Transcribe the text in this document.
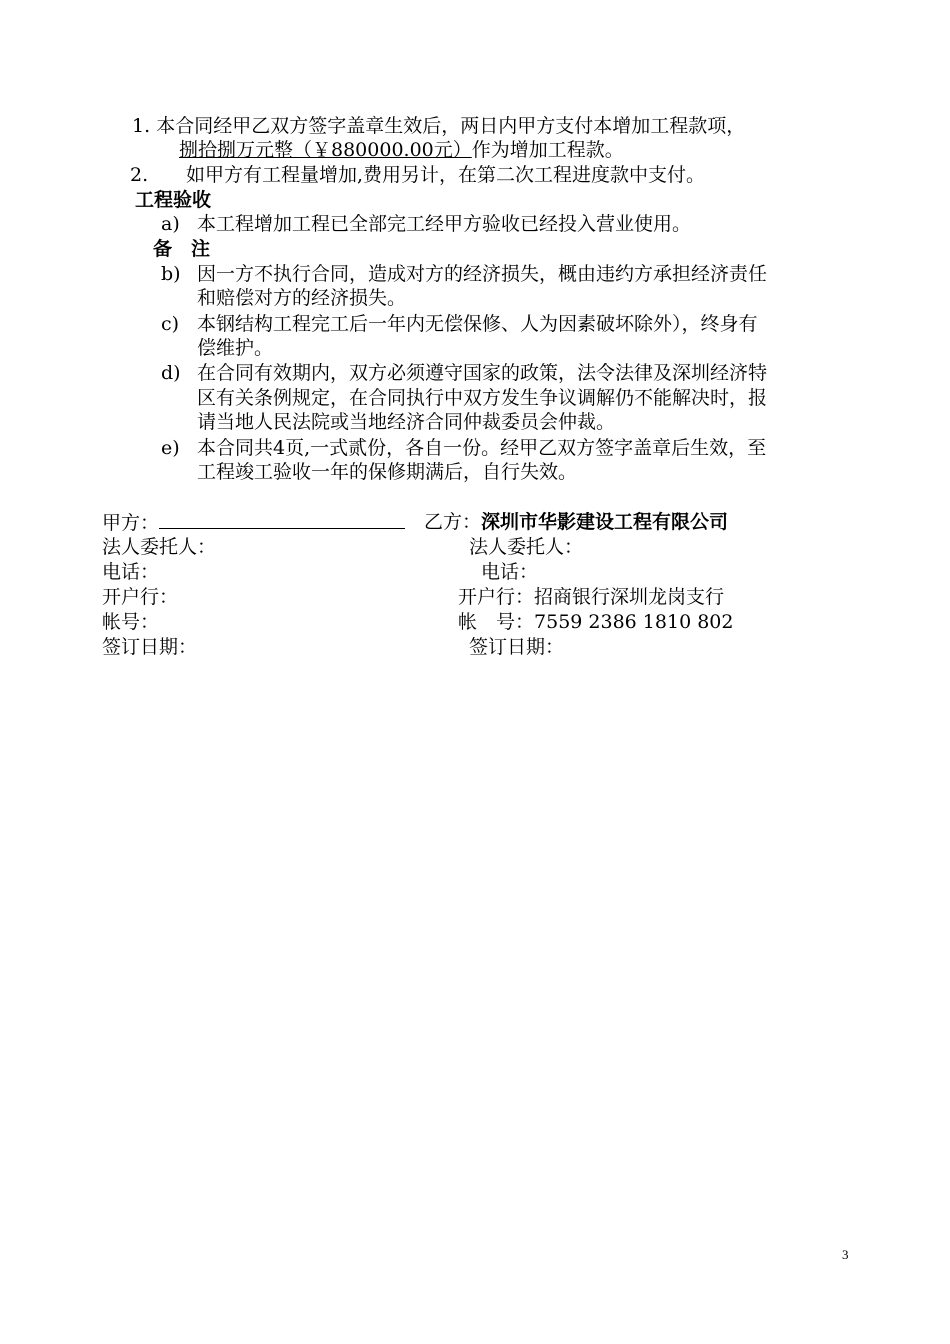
1. 本合同经甲乙双方签字盖章生效后，两日内甲方支付本增加工程款项，
捌拾捌万元整（￥880000.00元）作为增加工程款。
2. 如甲方有工程量增加,费用另计，在第二次工程进度款中支付。
工程验收
a) 本工程增加工程已全部完工经甲方验收已经投入营业使用。
备　注
b) 因一方不执行合同，造成对方的经济损失，概由违约方承担经济责任
和赔偿对方的经济损失。
c) 本钢结构工程完工后一年内无偿保修、人为因素破坏除外），终身有
偿维护。
d) 在合同有效期内，双方必须遵守国家的政策，法令法律及深圳经济特
区有关条例规定，在合同执行中双方发生争议调解仍不能解决时，报
请当地人民法院或当地经济合同仲裁委员会仲裁。
e) 本合同共4页,一式贰份，各自一份。经甲乙双方签字盖章后生效，至
工程竣工验收一年的保修期满后，自行失效。
甲方：
法人委托人：
电话：
开户行：
帐号：
签订日期：
乙方：深圳市华影建设工程有限公司
法人委托人：
电话：
开户行：招商银行深圳龙岗支行
帐　号：7559 2386 1810 802
签订日期：
3
